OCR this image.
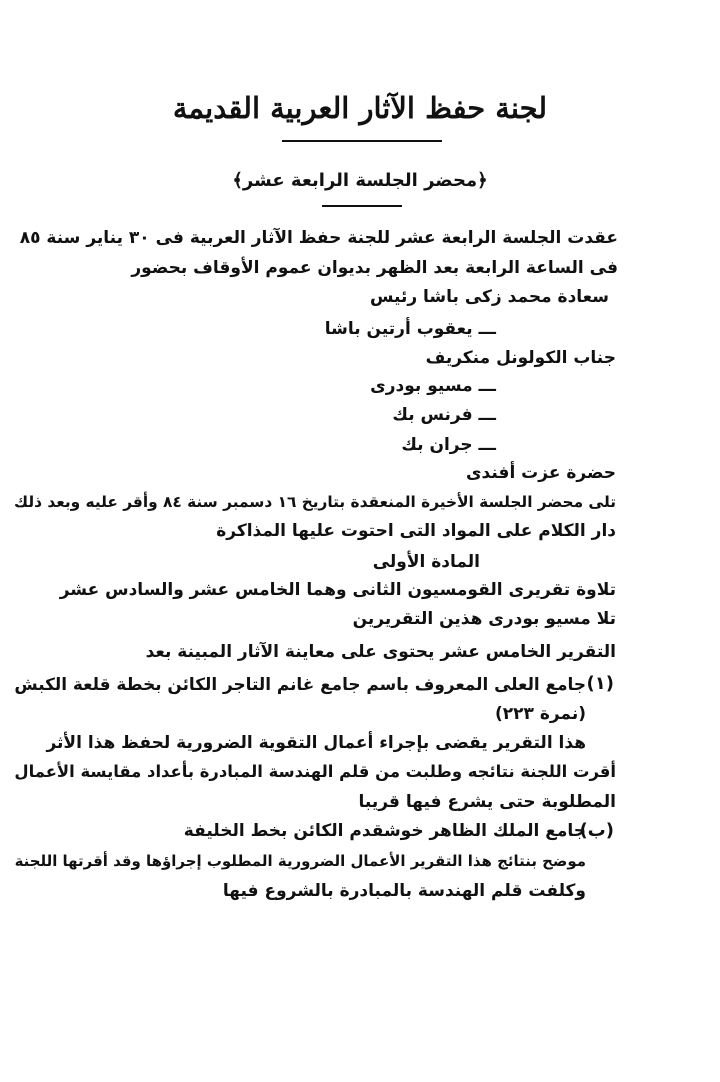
لجنة حفظ الآثار العربية القديمة
﴿محضر الجلسة الرابعة عشر﴾
عقدت الجلسة الرابعة عشر للجنة حفظ الآثار العربية فى ٣٠ يناير سنة ٨٥
فى الساعة الرابعة بعد الظهر بديوان عموم الأوقاف بحضور
سعادة محمد زكى باشا رئيس
ـــ يعقوب أرتين باشا
جناب الكولونل منكريف
ـــ مسيو بودرى
ـــ فرنس بك
ـــ جران بك
حضرة عزت أفندى
تلى محضر الجلسة الأخيرة المنعقدة بتاريخ ١٦ دسمبر سنة ٨٤ وأقر عليه وبعد ذلك
دار الكلام على المواد التى احتوت عليها المذاكرة
المادة الأولى
تلاوة تقريرى القومسيون الثانى وهما الخامس عشر والسادس عشر
تلا مسيو بودرى هذين التقريرين
التقرير الخامس عشر يحتوى على معاينة الآثار المبينة بعد
(١)
جامع العلى المعروف باسم جامع غانم التاجر الكائن بخطة قلعة الكبش
(نمرة ٢٢٣)
هذا التقرير يقضى بإجراء أعمال التقوية الضرورية لحفظ هذا الأثر
أقرت اللجنة نتائجه وطلبت من قلم الهندسة المبادرة بأعداد مقايسة الأعمال
المطلوبة حتى يشرع فيها قريبا
(ب)
جامع الملك الظاهر خوشقدم الكائن بخط الخليفة
موضح بنتائج هذا التقرير الأعمال الضرورية المطلوب إجراؤها وقد أقرتها اللجنة
وكلفت قلم الهندسة بالمبادرة بالشروع فيها
